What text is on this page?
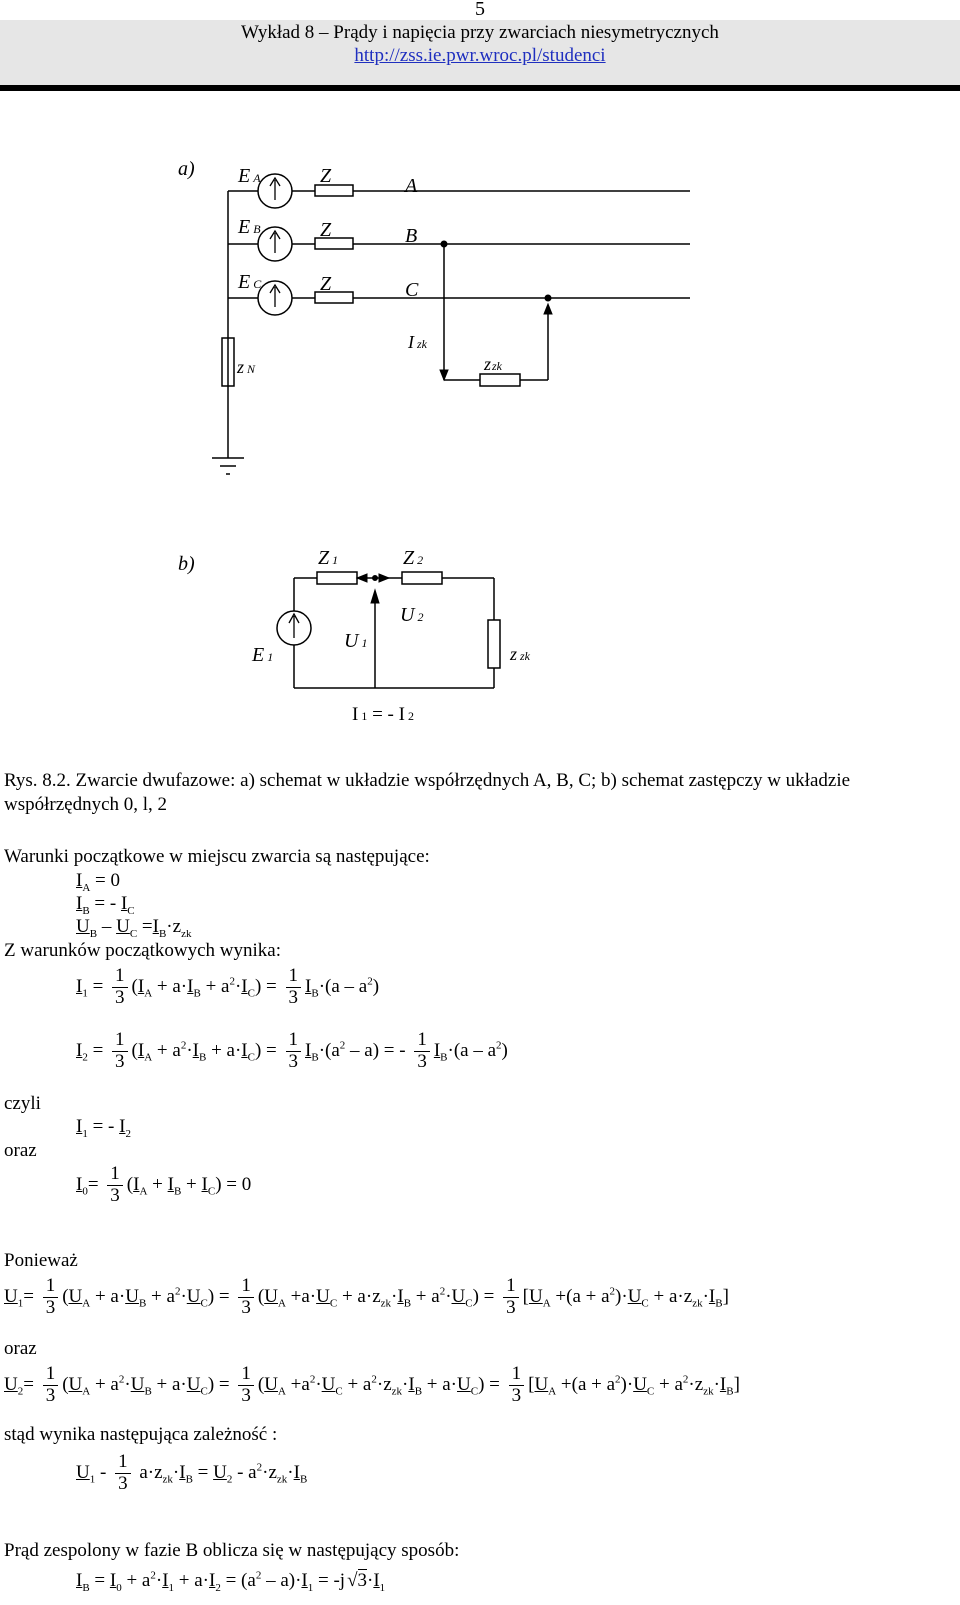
5
Wykład 8 – Prądy i napięcia przy zwarciach niesymetrycznych
http://zss.ie.pwr.wroc.pl/studenci
a) E A
E B
E C
Z
Z
Z
A
B
C
z N
I zk
zzk
b)	Z 1	Z 2
U 2
U 1
E 1	z zk
I 1 = - I 2
Rys. 8.2. Zwarcie dwufazowe: a) schemat w układzie współrzędnych A, B, C; b) schemat zastępczy w układzie
współrzędnych 0, l, 2
Warunki początkowe w miejscu zwarcia są następujące:
$I_A = 0$
$I_B$ = - $I_C$
$U_B - U_C =I_B\cdot z_{zk}$
Z warunków początkowych wynika:
$I_1 = \frac{1}{3} (I_A + a\cdot I_B + a^2\cdot I_C) = \frac{1}{3} I_B\cdot(a - a^2)$
$I_2 = \frac{1}{3} (I_A + a^2\cdot I_B + a\cdot I_C) = \frac{1}{3} I_B\cdot(a^2 - a)$ = - $\frac{1}{3} I_B\cdot(a - a^2)$
czyli
$I_1$ = - $I_2$
oraz
$I_0= \frac{1}{3} (I_A + I_B + I_C) = 0$
Ponieważ
$U_1= \frac{1}{3} (U_A + a\cdot U_B + a^2\cdot U_C) = \frac{1}{3} (U_A +a\cdot U_C + a\cdot z_{zk}\cdot I_B + a^2\cdot U_C) = \frac{1}{3} [U_A +(a + a^2)\cdot U_C + a\cdot z_{zk}\cdot I_B]$
oraz
$U_2= \frac{1}{3} (U_A + a^2\cdot U_B + a\cdot U_C) = \frac{1}{3} (U_A +a^2\cdot U_C + a^2\cdot z_{zk}\cdot I_B + a\cdot U_C) = \frac{1}{3} [U_A +(a + a^2)\cdot U_C + a^2\cdot z_{zk}\cdot I_B]$
stąd wynika następująca zależność :
$U_1 - \frac{1}{3} a\cdot z_{zk}\cdot I_B = U_2 - a^2\cdot z_{zk}\cdot I_B$
Prąd zespolony w fazie B oblicza się w następujący sposób:
$I_B = I_0 + a^2\cdot I_1 + a\cdot I_2 = (a^2 - a)\cdot I_1 = -j$ $√3\cdot I_1$
